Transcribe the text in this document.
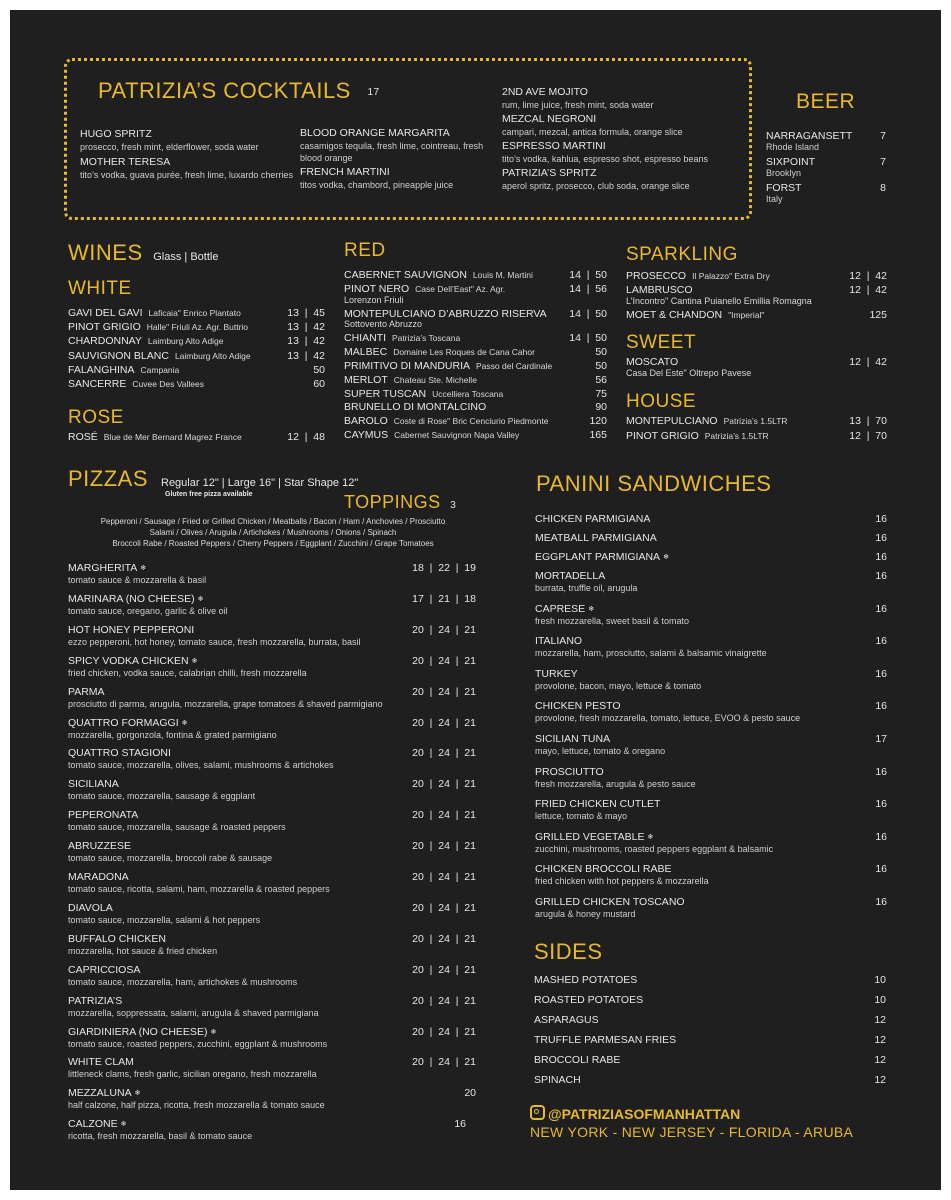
PATRIZIA’S COCKTAILS 17
HUGO SPRITZ
prosecco, fresh mint, elderflower, soda water
MOTHER TERESA
tito’s vodka, guava purée, fresh lime, luxardo cherries
BLOOD ORANGE MARGARITA
casamigos tequila, fresh lime, cointreau, fresh blood orange
FRENCH MARTINI
titos vodka, chambord, pineapple juice
2ND AVE MOJITO
rum, lime juice, fresh mint, soda water
MEZCAL NEGRONI
campari, mezcal, antica formula, orange slice
ESPRESSO MARTINI
tito’s vodka, kahlua, espresso shot, espresso beans
PATRIZIA’S SPRITZ
aperol spritz, prosecco, club soda, orange slice
BEER
NARRAGANSETT	7
Rhode Island
SIXPOINT	7
Brooklyn
FORST	8
Italy
WINES Glass | Bottle
WHITE
GAVI DEL GAVI Laficaia" Enrico Plantato	13  |  45
PINOT GRIGIO Halle" Friuli Az. Agr. Buttrio	13  |  42
CHARDONNAY Laimburg Alto Adige	13  |  42
SAUVIGNON BLANC Laimburg Alto Adige	13  |  42
FALANGHINA Campania	50
SANCERRE Cuvee Des Vallees	60
ROSE
ROSÉ Blue de Mer Bernard Magrez France	12  |  48
RED
CABERNET SAUVIGNON Louis M. Martini	14  |  50
PINOT NERO Case Dell’East" Az. Agr.	14  |  56
Lorenzon Friuli
MONTEPULCIANO D’ABRUZZO RISERVA 14  |  50
Sottovento Abruzzo
CHIANTI Patrizia’s Toscana	14  |  50
MALBEC Domaine Les Roques de Cana Cahor	50
PRIMITIVO DI MANDURIA Passo del Cardinale	50
MERLOT Chateau Ste. Michelle	56
SUPER TUSCAN Uccelliera Toscana	75
BRUNELLO DI MONTALCINO	90
BAROLO Coste di Rose" Bric Cenciurio Piedmonte	120
CAYMUS Cabernet Sauvignon Napa Valley	165
SPARKLING
PROSECCO Il Palazzo" Extra Dry	12  |  42
LAMBRUSCO	12  |  42
L’Incontro" Cantina Puianello Emillia Romagna
MOET & CHANDON "Imperial"	125
SWEET
MOSCATO	12  |  42
Casa Del Este" Oltrepo Pavese
HOUSE
MONTEPULCIANO Patrizia’s 1.5LTR	13  |  70
PINOT GRIGIO Patrizia’s 1.5LTR	12  |  70
PIZZAS Regular 12" | Large 16" | Star Shape 12"
Gluten free pizza available	TOPPINGS 3
Pepperoni / Sausage / Fried or Grilled Chicken / Meatballs / Bacon / Ham / Anchovies / Prosciutto
Salami / Olives / Arugula / Artichokes / Mushrooms / Onions / Spinach
Broccoli Rabe / Roasted Peppers / Cherry Peppers / Eggplant / Zucchini / Grape Tomatoes
MARGHERITA ❄	18  |  22  |  19
tomato sauce & mozzarella & basil
MARINARA (NO CHEESE) ❄	17  |  21  |  18
tomato sauce, oregano, garlic & olive oil
HOT HONEY PEPPERONI	20  |  24  |  21
ezzo pepperoni, hot honey, tomato sauce, fresh mozzarella, burrata, basil
SPICY VODKA CHICKEN ❄	20  |  24  |  21
fried chicken, vodka sauce, calabrian chilli, fresh mozzarella
PARMA	20  |  24  |  21
prosciutto di parma, arugula, mozzarella, grape tomatoes & shaved parmigiano
QUATTRO FORMAGGI ❄	20  |  24  |  21
mozzarella, gorgonzola, fontina & grated parmigiano
QUATTRO STAGIONI	20  |  24  |  21
tomato sauce, mozzarella, olives, salami, mushrooms & artichokes
SICILIANA	20  |  24  |  21
tomato sauce, mozzarella, sausage & eggplant
PEPERONATA	20  |  24  |  21
tomato sauce, mozzarella, sausage & roasted peppers
ABRUZZESE	20  |  24  |  21
tomato sauce, mozzarella, broccoli rabe & sausage
MARADONA	20  |  24  |  21
tomato sauce, ricotta, salami, ham, mozzarella & roasted peppers
DIAVOLA	20  |  24  |  21
tomato sauce, mozzarella, salami & hot peppers
BUFFALO CHICKEN	20  |  24  |  21
mozzarella, hot sauce & fried chicken
CAPRICCIOSA	20  |  24  |  21
tomato sauce, mozzarella, ham, artichokes & mushrooms
PATRIZIA’S	20  |  24  |  21
mozzarella, soppressata, salami, arugula & shaved parmigiana
GIARDINIERA (NO CHEESE) ❄	20  |  24  |  21
tomato sauce, roasted peppers, zucchini, eggplant & mushrooms
WHITE CLAM	20  |  24  |  21
littleneck clams, fresh garlic, sicilian oregano, fresh mozzarella
MEZZALUNA ❄	20
half calzone, half pizza, ricotta, fresh mozzarella & tomato sauce
CALZONE ❄	16
ricotta, fresh mozzarella, basil & tomato sauce
PANINI SANDWICHES
CHICKEN PARMIGIANA	16
MEATBALL PARMIGIANA	16
EGGPLANT PARMIGIANA ❄	16
MORTADELLA	16
burrata, truffle oil, arugula
CAPRESE ❄	16
fresh mozzarella, sweet basil & tomato
ITALIANO	16
mozzarella, ham, prosciutto, salami & balsamic vinaigrette
TURKEY	16
provolone, bacon, mayo, lettuce & tomato
CHICKEN PESTO	16
provolone, fresh mozzarella, tomato, lettuce, EVOO & pesto sauce
SICILIAN TUNA	17
mayo, lettuce, tomato & oregano
PROSCIUTTO	16
fresh mozzarella, arugula & pesto sauce
FRIED CHICKEN CUTLET	16
lettuce, tomato & mayo
GRILLED VEGETABLE ❄	16
zucchini, mushrooms, roasted peppers eggplant & balsamic
CHICKEN BROCCOLI RABE	16
fried chicken with hot peppers & mozzarella
GRILLED CHICKEN TOSCANO	16
arugula & honey mustard
SIDES
MASHED POTATOES	10
ROASTED POTATOES	10
ASPARAGUS	12
TRUFFLE PARMESAN FRIES	12
BROCCOLI RABE	12
SPINACH	12
@PATRIZIASOFMANHATTAN
NEW YORK - NEW JERSEY - FLORIDA - ARUBA
